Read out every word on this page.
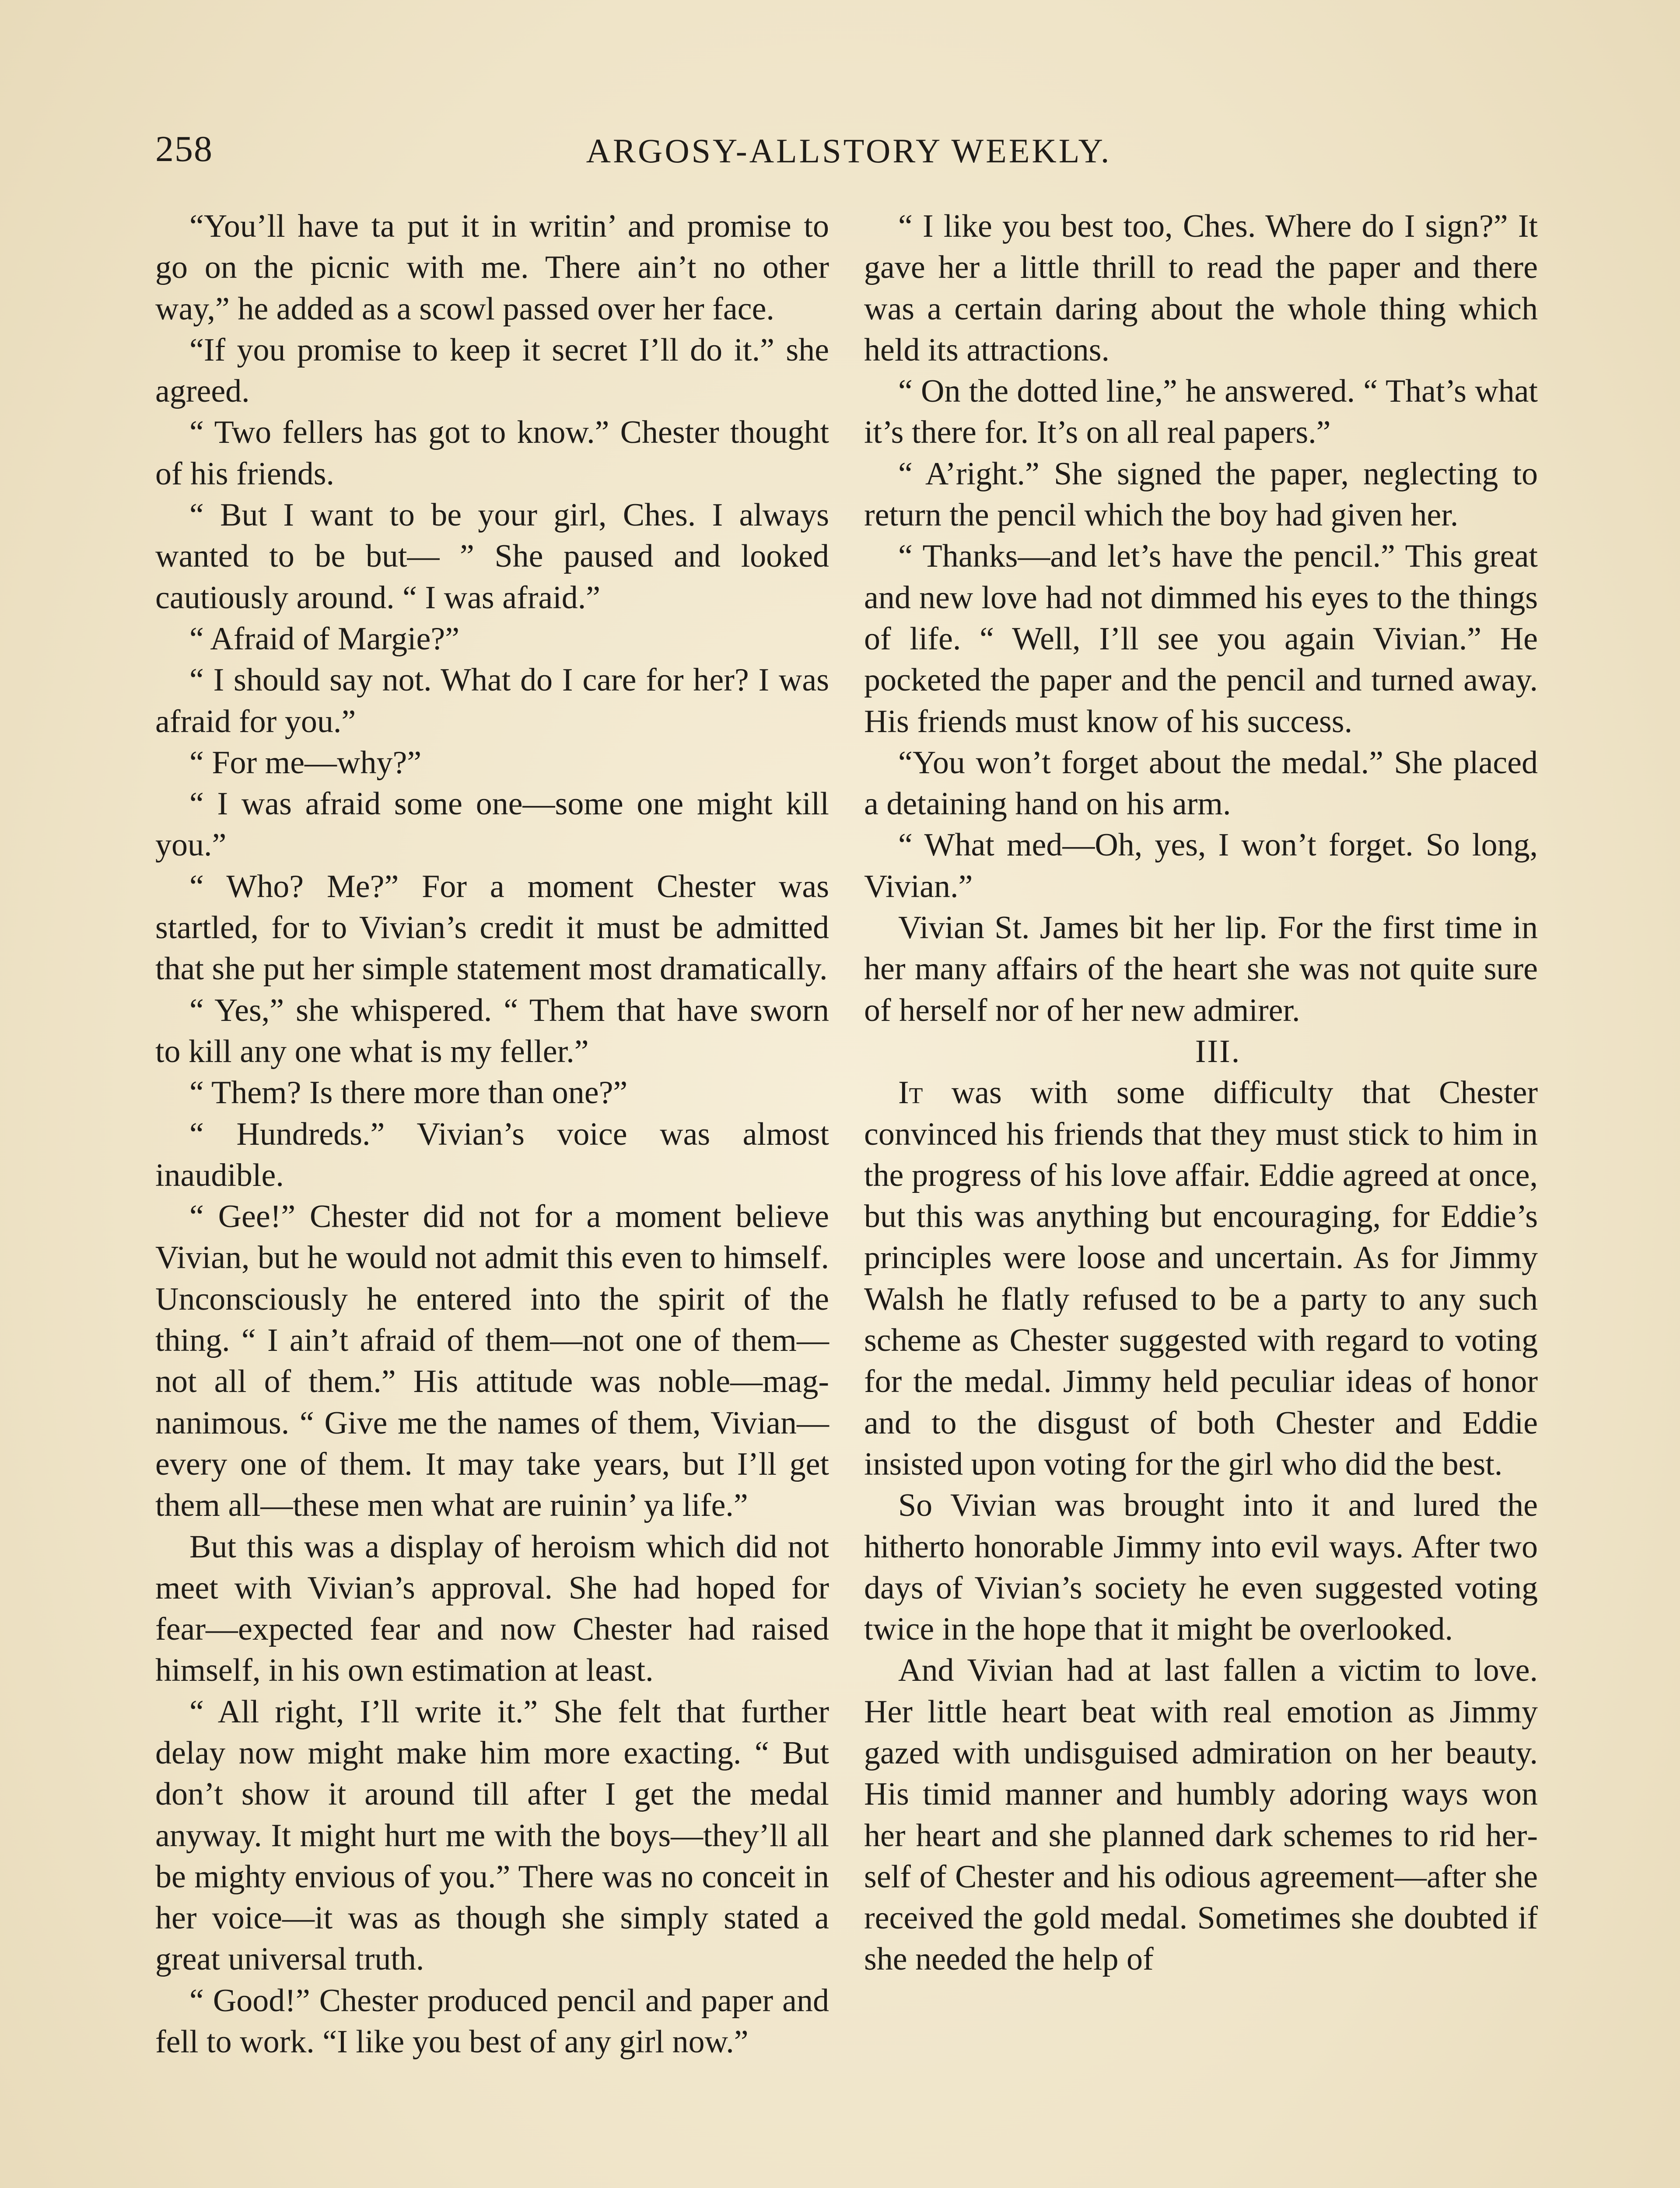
258	ARGOSY-ALLSTORY WEEKLY.

“You’ll have ta put it in writin’ and promise to go on the picnic with me. There ain’t no other way,” he added as a scowl passed over her face.

“If you promise to keep it secret I’ll do it.” she agreed.

“ Two fellers has got to know.” Chester thought of his friends.

“ But I want to be your girl, Ches. I always wanted to be but— ” She paused and looked cautiously around. “ I was afraid.”

“ Afraid of Margie?”

“ I should say not. What do I care for her? I was afraid for you.”

“ For me—why?”

“ I was afraid some one—some one might kill you.”

“ Who? Me?” For a moment Chester was startled, for to Vivian’s credit it must be admitted that she put her simple statement most dramatically.

“ Yes,” she whispered. “ Them that have sworn to kill any one what is my feller.”

“ Them? Is there more than one?”

“ Hundreds.” Vivian’s voice was almost inaudible.

“ Gee!” Chester did not for a moment believe Vivian, but he would not admit this even to himself. Unconsciously he entered into the spirit of the thing. “ I ain’t afraid of them—not one of them—not all of them.” His attitude was noble—magnanimous. “ Give me the names of them, Vivian—every one of them. It may take years, but I’ll get them all—these men what are ruinin’ ya life.”

But this was a display of heroism which did not meet with Vivian’s approval. She had hoped for fear—expected fear and now Chester had raised himself, in his own estimation at least.

“ All right, I’ll write it.” She felt that further delay now might make him more exacting. “ But don’t show it around till after I get the medal anyway. It might hurt me with the boys—they’ll all be mighty envious of you.” There was no conceit in her voice—it was as though she simply stated a great universal truth.

“ Good!” Chester produced pencil and paper and fell to work. “I like you best of any girl now.”

“ I like you best too, Ches. Where do I sign?” It gave her a little thrill to read the paper and there was a certain daring about the whole thing which held its attractions.

“ On the dotted line,” he answered. “ That’s what it’s there for. It’s on all real papers.”

“ A’right.” She signed the paper, neglecting to return the pencil which the boy had given her.

“ Thanks—and let’s have the pencil.” This great and new love had not dimmed his eyes to the things of life. “ Well, I’ll see you again Vivian.” He pocketed the paper and the pencil and turned away. His friends must know of his success.

“You won’t forget about the medal.” She placed a detaining hand on his arm.

“ What med—Oh, yes, I won’t forget. So long, Vivian.”

Vivian St. James bit her lip. For the first time in her many affairs of the heart she was not quite sure of herself nor of her new admirer.

III.

It was with some difficulty that Chester convinced his friends that they must stick to him in the progress of his love affair. Eddie agreed at once, but this was anything but encouraging, for Eddie’s principles were loose and uncertain. As for Jimmy Walsh he flatly refused to be a party to any such scheme as Chester suggested with regard to voting for the medal. Jimmy held peculiar ideas of honor and to the disgust of both Chester and Eddie insisted upon voting for the girl who did the best.

So Vivian was brought into it and lured the hitherto honorable Jimmy into evil ways. After two days of Vivian’s society he even suggested voting twice in the hope that it might be overlooked.

And Vivian had at last fallen a victim to love. Her little heart beat with real emotion as Jimmy gazed with undisguised admiration on her beauty. His timid manner and humbly adoring ways won her heart and she planned dark schemes to rid herself of Chester and his odious agreement—after she received the gold medal. Sometimes she doubted if she needed the help of
